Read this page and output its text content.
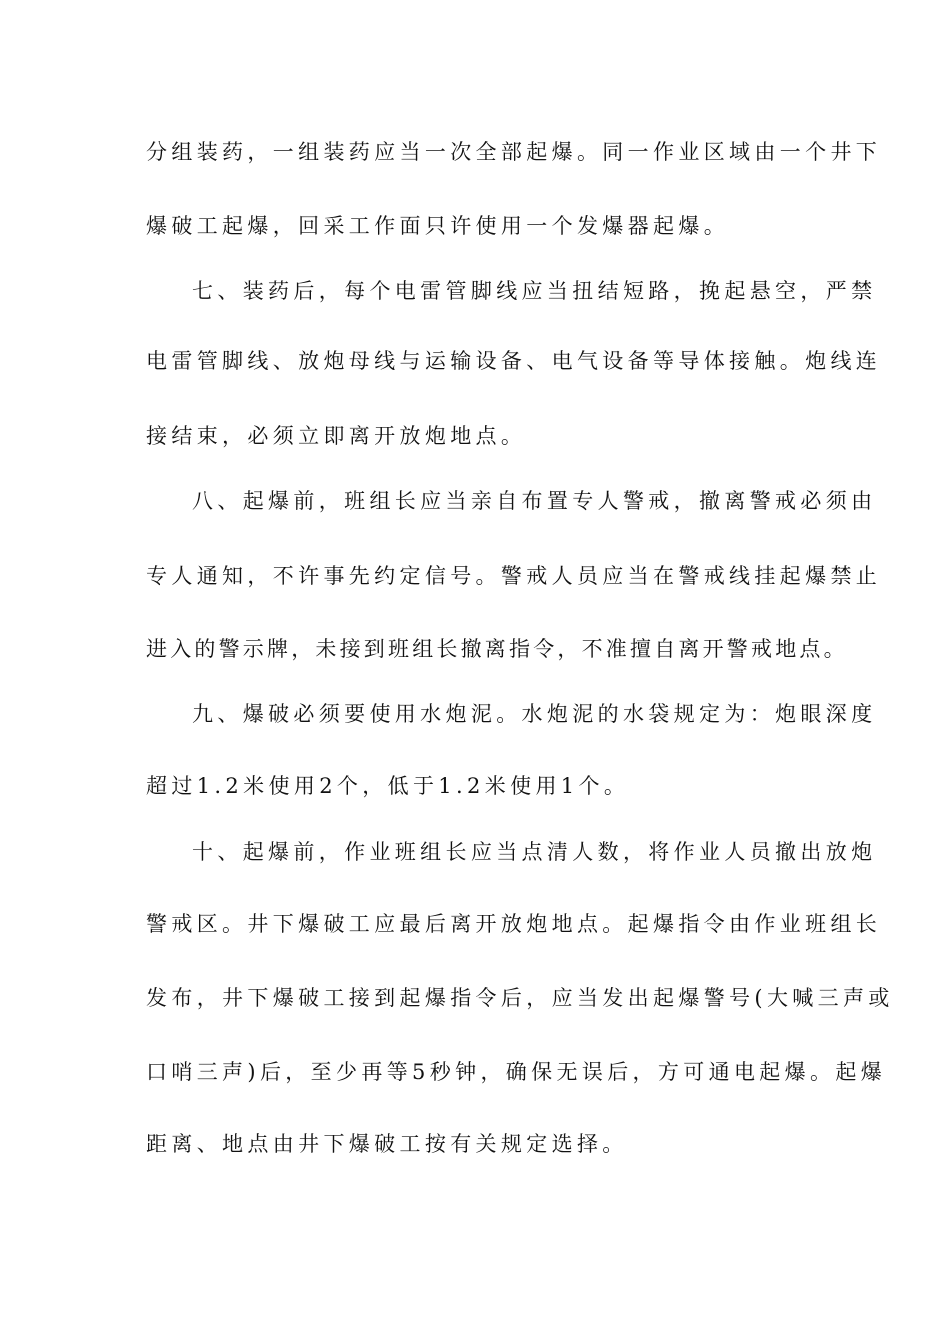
分组装药，一组装药应当一次全部起爆。同一作业区域由一个井下
爆破工起爆，回采工作面只许使用一个发爆器起爆。
七、装药后，每个电雷管脚线应当扭结短路，挽起悬空，严禁
电雷管脚线、放炮母线与运输设备、电气设备等导体接触。炮线连
接结束，必须立即离开放炮地点。
八、起爆前，班组长应当亲自布置专人警戒，撤离警戒必须由
专人通知，不许事先约定信号。警戒人员应当在警戒线挂起爆禁止
进入的警示牌，未接到班组长撤离指令，不准擅自离开警戒地点。
九、爆破必须要使用水炮泥。水炮泥的水袋规定为：炮眼深度
超过1.2米使用2个，低于1.2米使用1个。
十、起爆前，作业班组长应当点清人数，将作业人员撤出放炮
警戒区。井下爆破工应最后离开放炮地点。起爆指令由作业班组长
发布，井下爆破工接到起爆指令后，应当发出起爆警号(大喊三声或
口哨三声)后，至少再等5秒钟，确保无误后，方可通电起爆。起爆
距离、地点由井下爆破工按有关规定选择。
